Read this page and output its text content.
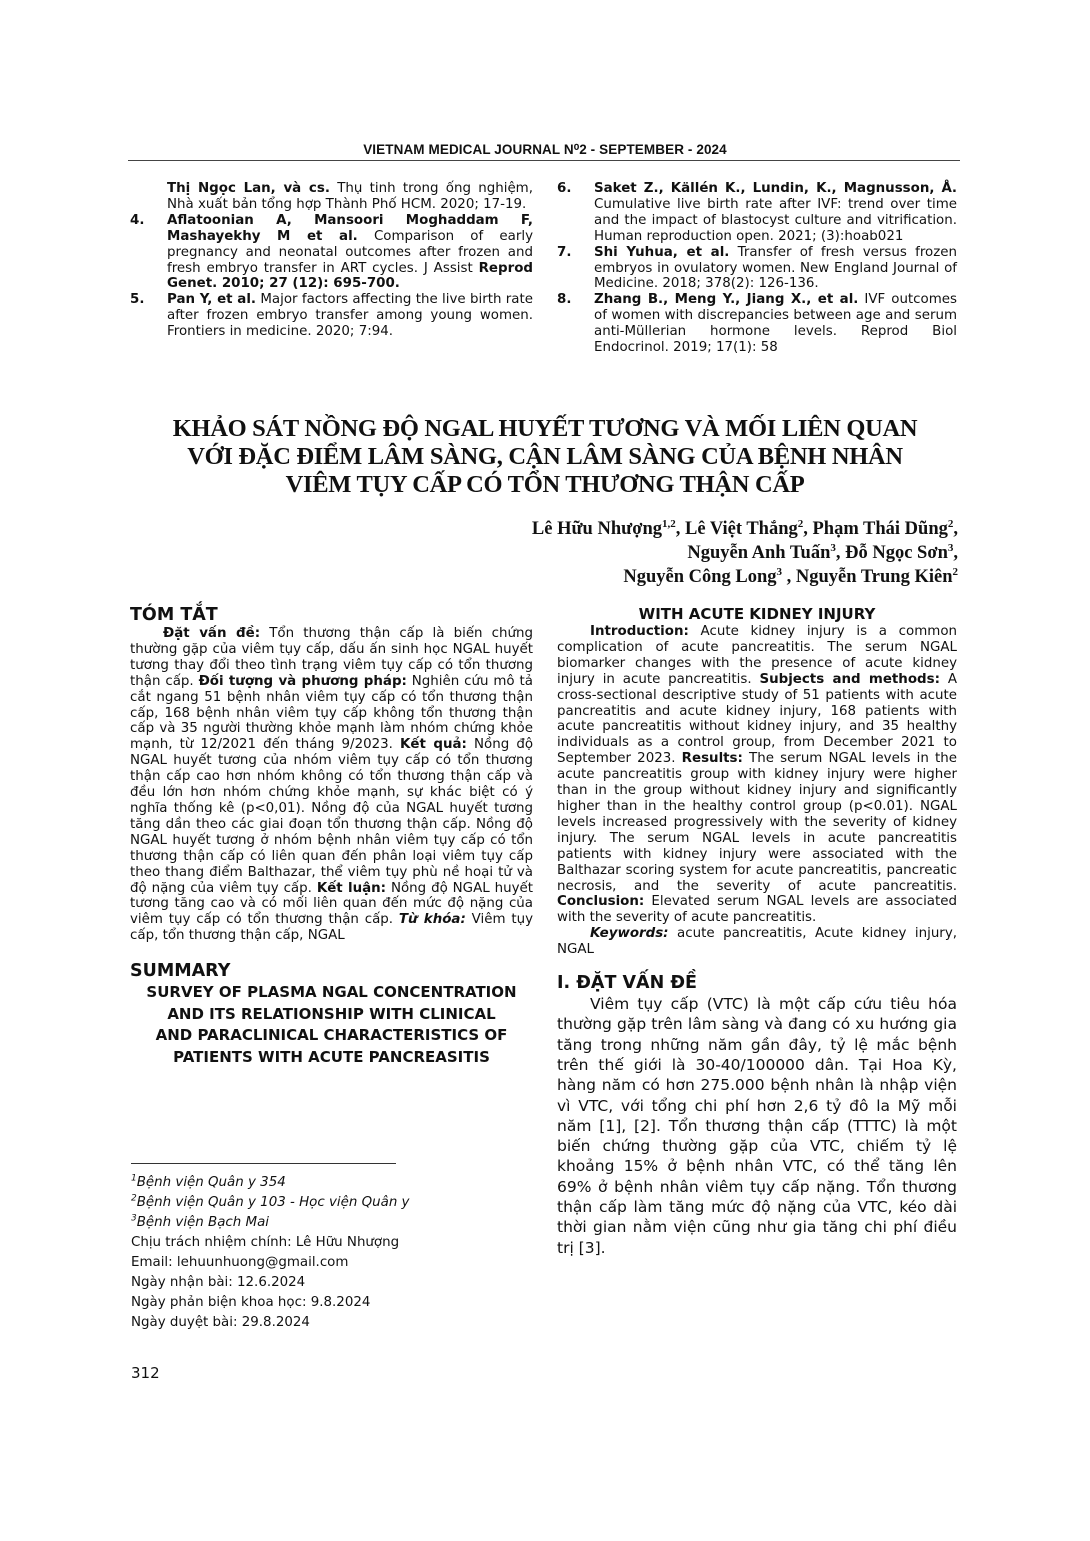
VIETNAM MEDICAL JOURNAL N⁰2 - SEPTEMBER - 2024
Thị Ngọc Lan, và cs. Thụ tinh trong ống nghiệm, Nhà xuất bản tổng hợp Thành Phố HCM. 2020; 17-19.
4.	Aflatoonian A, Mansoori Moghaddam F, Mashayekhy M et al. Comparison of early pregnancy and neonatal outcomes after frozen and fresh embryo transfer in ART cycles. J Assist Reprod Genet. 2010; 27 (12): 695-700.
5.	Pan Y, et al. Major factors affecting the live birth rate after frozen embryo transfer among young women. Frontiers in medicine. 2020; 7:94.
6.	Saket Z., Källén K., Lundin, K., Magnusson, Å. Cumulative live birth rate after IVF: trend over time and the impact of blastocyst culture and vitrification. Human reproduction open. 2021; (3):hoab021
7.	Shi Yuhua, et al. Transfer of fresh versus frozen embryos in ovulatory women. New England Journal of Medicine. 2018; 378(2): 126-136.
8.	Zhang B., Meng Y., Jiang X., et al. IVF outcomes of women with discrepancies between age and serum anti-Müllerian hormone levels. Reprod Biol Endocrinol. 2019; 17(1): 58
KHẢO SÁT NỒNG ĐỘ NGAL HUYẾT TƯƠNG VÀ MỐI LIÊN QUAN
VỚI ĐẶC ĐIỂM LÂM SÀNG, CẬN LÂM SÀNG CỦA BỆNH NHÂN
VIÊM TỤY CẤP CÓ TỔN THƯƠNG THẬN CẤP
Lê Hữu Nhượng$^{1,2}$, Lê Việt Thắng$^2$, Phạm Thái Dũng$^2$,
Nguyễn Anh Tuấn$^3$, Đỗ Ngọc Sơn$^3$,
Nguyễn Công Long$^3$ , Nguyễn Trung Kiên$^2$
TÓM TẮT
Đặt vấn đề: Tổn thương thận cấp là biến chứng thường gặp của viêm tụy cấp, dấu ấn sinh học NGAL huyết tương thay đổi theo tình trạng viêm tụy cấp có tổn thương thận cấp. Đối tượng và phương pháp: Nghiên cứu mô tả cắt ngang 51 bệnh nhân viêm tụy cấp có tổn thương thận cấp, 168 bệnh nhân viêm tụy cấp không tổn thương thận cấp và 35 người thường khỏe mạnh làm nhóm chứng khỏe mạnh, từ 12/2021 đến tháng 9/2023. Kết quả: Nồng độ NGAL huyết tương của nhóm viêm tụy cấp có tổn thương thận cấp cao hơn nhóm không có tổn thương thận cấp và đều lớn hơn nhóm chứng khỏe mạnh, sự khác biệt có ý nghĩa thống kê (p<0,01). Nồng độ của NGAL huyết tương tăng dần theo các giai đoạn tổn thương thận cấp. Nồng độ NGAL huyết tương ở nhóm bệnh nhân viêm tụy cấp có tổn thương thận cấp có liên quan đến phân loại viêm tụy cấp theo thang điểm Balthazar, thể viêm tụy phù nề hoại tử và độ nặng của viêm tụy cấp. Kết luận: Nồng độ NGAL huyết tương tăng cao và có mối liên quan đến mức độ nặng của viêm tụy cấp có tổn thương thận cấp. Từ khóa: Viêm tụy cấp, tổn thương thận cấp, NGAL
SUMMARY
SURVEY OF PLASMA NGAL CONCENTRATION
AND ITS RELATIONSHIP WITH CLINICAL
AND PARACLINICAL CHARACTERISTICS OF
PATIENTS WITH ACUTE PANCREASITIS
$^1$Bệnh viện Quân y 354
$^2$Bệnh viện Quân y 103 - Học viện Quân y
$^3$Bệnh viện Bạch Mai
Chịu trách nhiệm chính: Lê Hữu Nhượng
Email: lehuunhuong@gmail.com
Ngày nhận bài: 12.6.2024
Ngày phản biện khoa học: 9.8.2024
Ngày duyệt bài: 29.8.2024
WITH ACUTE KIDNEY INJURY
Introduction: Acute kidney injury is a common complication of acute pancreatitis. The serum NGAL biomarker changes with the presence of acute kidney injury in acute pancreatitis. Subjects and methods: A cross-sectional descriptive study of 51 patients with acute pancreatitis and acute kidney injury, 168 patients with acute pancreatitis without kidney injury, and 35 healthy individuals as a control group, from December 2021 to September 2023. Results: The serum NGAL levels in the acute pancreatitis group with kidney injury were higher than in the group without kidney injury and significantly higher than in the healthy control group (p<0.01). NGAL levels increased progressively with the severity of kidney injury. The serum NGAL levels in acute pancreatitis patients with kidney injury were associated with the Balthazar scoring system for acute pancreatitis, pancreatic necrosis, and the severity of acute pancreatitis. Conclusion: Elevated serum NGAL levels are associated with the severity of acute pancreatitis.
Keywords: acute pancreatitis, Acute kidney injury, NGAL
I. ĐẶT VẤN ĐỀ
Viêm tụy cấp (VTC) là một cấp cứu tiêu hóa thường gặp trên lâm sàng và đang có xu hướng gia tăng trong những năm gần đây, tỷ lệ mắc bệnh trên thế giới là 30-40/100000 dân. Tại Hoa Kỳ, hàng năm có hơn 275.000 bệnh nhân là nhập viện vì VTC, với tổng chi phí hơn 2,6 tỷ đô la Mỹ mỗi năm [1], [2]. Tổn thương thận cấp (TTTC) là một biến chứng thường gặp của VTC, chiếm tỷ lệ khoảng 15% ở bệnh nhân VTC, có thể tăng lên 69% ở bệnh nhân viêm tụy cấp nặng. Tổn thương thận cấp làm tăng mức độ nặng của VTC, kéo dài thời gian nằm viện cũng như gia tăng chi phí điều trị [3].
312
